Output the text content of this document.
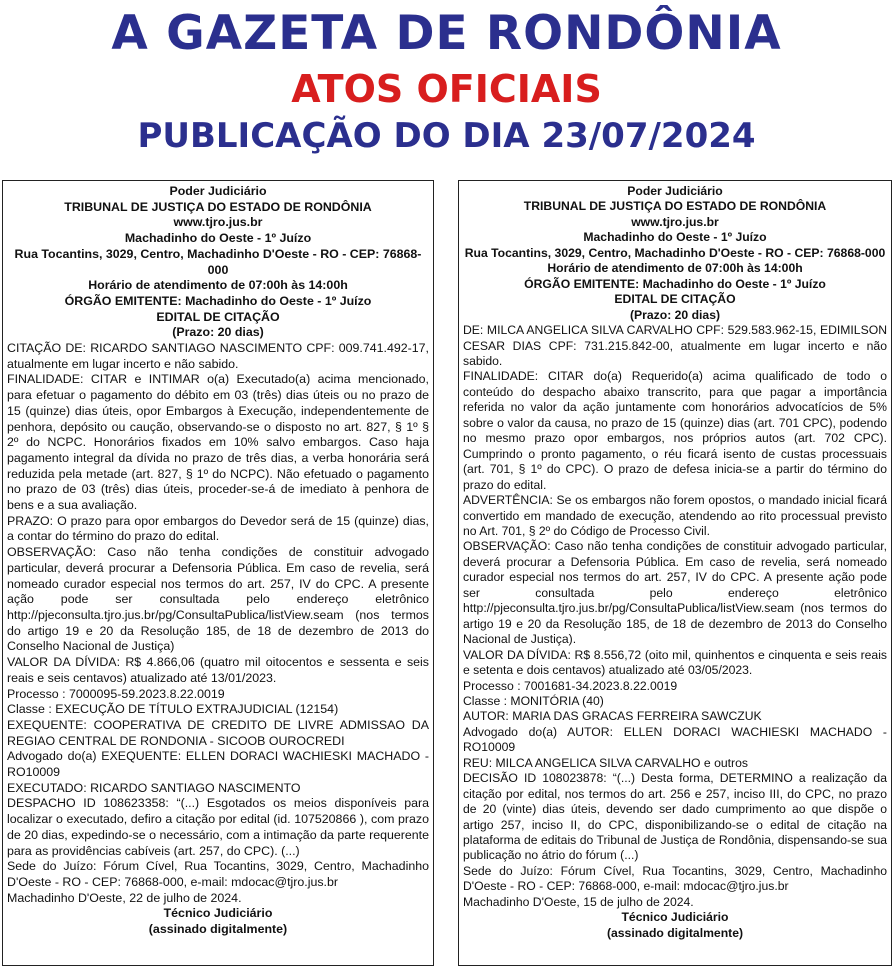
A GAZETA DE RONDÔNIA
ATOS OFICIAIS
PUBLICAÇÃO DO DIA 23/07/2024

Poder Judiciário

TRIBUNAL DE JUSTIÇA DO ESTADO DE RONDÔNIA

www.tjro.jus.br

Machadinho do Oeste - 1º Juízo

Rua Tocantins, 3029, Centro, Machadinho D'Oeste - RO - CEP: 76868-000

Horário de atendimento de 07:00h às 14:00h

ÓRGÃO EMITENTE: Machadinho do Oeste - 1º Juízo

EDITAL DE CITAÇÃO

(Prazo: 20 dias)

CITAÇÃO DE: RICARDO SANTIAGO NASCIMENTO CPF: 009.741.492-17, atualmente em lugar incerto e não sabido.

FINALIDADE: CITAR e INTIMAR o(a) Executado(a) acima mencionado, para efetuar o pagamento do débito em 03 (três) dias úteis ou no prazo de 15 (quinze) dias úteis, opor Embargos à Execução, independentemente de penhora, depósito ou caução, observando-se o disposto no art. 827, § 1º § 2º do NCPC. Honorários fixados em 10% salvo embargos. Caso haja pagamento integral da dívida no prazo de três dias, a verba honorária será reduzida pela metade (art. 827, § 1º do NCPC). Não efetuado o pagamento no prazo de 03 (três) dias úteis, proceder-se-á de imediato à penhora de bens e a sua avaliação.

PRAZO: O prazo para opor embargos do Devedor será de 15 (quinze) dias, a contar do término do prazo do edital.

OBSERVAÇÃO: Caso não tenha condições de constituir advogado particular, deverá procurar a Defensoria Pública. Em caso de revelia, será nomeado curador especial nos termos do art. 257, IV do CPC. A presente ação pode ser consultada pelo endereço eletrônico http://pjeconsulta.tjro.jus.br/pg/ConsultaPublica/listView.seam (nos termos do artigo 19 e 20 da Resolução 185, de 18 de dezembro de 2013 do Conselho Nacional de Justiça)

VALOR DA DÍVIDA: R$ 4.866,06 (quatro mil oitocentos e sessenta e seis reais e seis centavos) atualizado até 13/01/2023.

Processo : 7000095-59.2023.8.22.0019

Classe : EXECUÇÃO DE TÍTULO EXTRAJUDICIAL (12154)

EXEQUENTE: COOPERATIVA DE CREDITO DE LIVRE ADMISSAO DA REGIAO CENTRAL DE RONDONIA - SICOOB OUROCREDI

Advogado do(a) EXEQUENTE: ELLEN DORACI WACHIESKI MACHADO - RO10009

EXECUTADO: RICARDO SANTIAGO NASCIMENTO

DESPACHO ID 108623358: “(...) Esgotados os meios disponíveis para localizar o executado, defiro a citação por edital (id. 107520866 ), com prazo de 20 dias, expedindo-se o necessário, com a intimação da parte requerente para as providências cabíveis (art. 257, do CPC). (...)

Sede do Juízo: Fórum Cível, Rua Tocantins, 3029, Centro, Machadinho D'Oeste - RO - CEP: 76868-000, e-mail: mdocac@tjro.jus.br

Machadinho D'Oeste, 22 de julho de 2024.

Técnico Judiciário

(assinado digitalmente)

Poder Judiciário

TRIBUNAL DE JUSTIÇA DO ESTADO DE RONDÔNIA

www.tjro.jus.br

Machadinho do Oeste - 1º Juízo

Rua Tocantins, 3029, Centro, Machadinho D'Oeste - RO - CEP: 76868-000

Horário de atendimento de 07:00h às 14:00h

ÓRGÃO EMITENTE: Machadinho do Oeste - 1º Juízo

EDITAL DE CITAÇÃO

(Prazo: 20 dias)

DE: MILCA ANGELICA SILVA CARVALHO CPF: 529.583.962-15, EDIMILSON CESAR DIAS CPF: 731.215.842-00, atualmente em lugar incerto e não sabido.

FINALIDADE: CITAR do(a) Requerido(a) acima qualificado de todo o conteúdo do despacho abaixo transcrito, para que pagar a importância referida no valor da ação juntamente com honorários advocatícios de 5% sobre o valor da causa, no prazo de 15 (quinze) dias (art. 701 CPC), podendo no mesmo prazo opor embargos, nos próprios autos (art. 702 CPC). Cumprindo o pronto pagamento, o réu ficará isento de custas processuais (art. 701, § 1º do CPC). O prazo de defesa inicia-se a partir do término do prazo do edital.

ADVERTÊNCIA: Se os embargos não forem opostos, o mandado inicial ficará convertido em mandado de execução, atendendo ao rito processual previsto no Art. 701, § 2º do Código de Processo Civil.

OBSERVAÇÃO: Caso não tenha condições de constituir advogado particular, deverá procurar a Defensoria Pública. Em caso de revelia, será nomeado curador especial nos termos do art. 257, IV do CPC. A presente ação pode ser consultada pelo endereço eletrônico http://pjeconsulta.tjro.jus.br/pg/ConsultaPublica/listView.seam (nos termos do artigo 19 e 20 da Resolução 185, de 18 de dezembro de 2013 do Conselho Nacional de Justiça).

VALOR DA DÍVIDA: R$ 8.556,72 (oito mil, quinhentos e cinquenta e seis reais e setenta e dois centavos) atualizado até 03/05/2023.

Processo : 7001681-34.2023.8.22.0019

Classe : MONITÓRIA (40)

AUTOR: MARIA DAS GRACAS FERREIRA SAWCZUK

Advogado do(a) AUTOR: ELLEN DORACI WACHIESKI MACHADO - RO10009

REU: MILCA ANGELICA SILVA CARVALHO e outros

DECISÃO ID 108023878: “(...) Desta forma, DETERMINO a realização da citação por edital, nos termos do art. 256 e 257, inciso III, do CPC, no prazo de 20 (vinte) dias úteis, devendo ser dado cumprimento ao que dispõe o artigo 257, inciso II, do CPC, disponibilizando-se o edital de citação na plataforma de editais do Tribunal de Justiça de Rondônia, dispensando-se sua publicação no átrio do fórum (...)

Sede do Juízo: Fórum Cível, Rua Tocantins, 3029, Centro, Machadinho D'Oeste - RO - CEP: 76868-000, e-mail: mdocac@tjro.jus.br

Machadinho D'Oeste, 15 de julho de 2024.

Técnico Judiciário

(assinado digitalmente)
